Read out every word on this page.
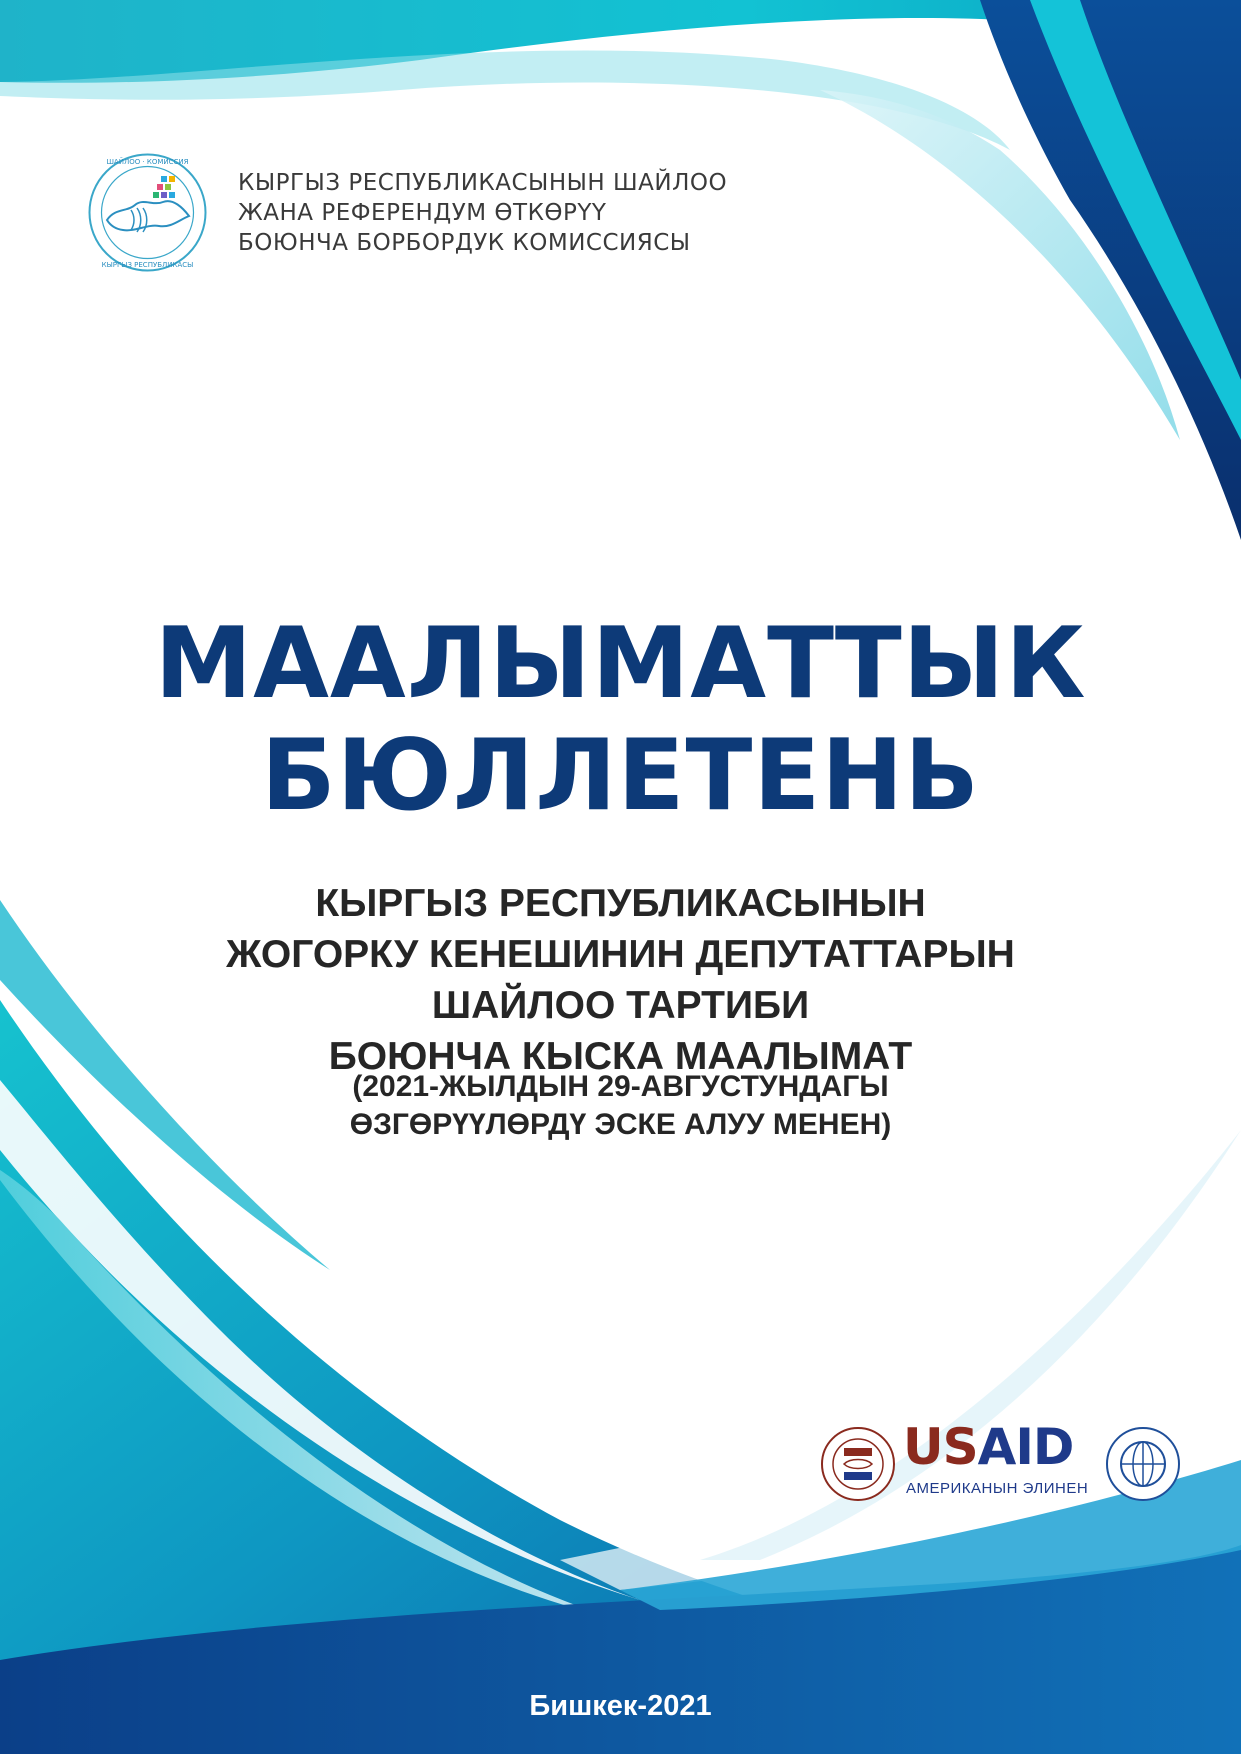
ШАЙЛОО · КОМИССИЯ
КЫРГЫЗ РЕСПУБЛИКАСЫ
КЫРГЫЗ РЕСПУБЛИКАСЫНЫН ШАЙЛОО
ЖАНА РЕФЕРЕНДУМ ӨТКӨРҮҮ
БОЮНЧА БОРБОРДУК КОМИССИЯСЫ
МААЛЫМАТТЫК
БЮЛЛЕТЕНЬ
КЫРГЫЗ РЕСПУБЛИКАСЫНЫН
ЖОГОРКУ КЕНЕШИНИН ДЕПУТАТТАРЫН
ШАЙЛОО ТАРТИБИ
БОЮНЧА КЫСКА МААЛЫМАТ
(2021-ЖЫЛДЫН 29-АВГУСТУНДАГЫ
ӨЗГӨРҮҮЛӨРДҮ ЭСКЕ АЛУУ МЕНЕН)
USAID
АМЕРИКАНЫН ЭЛИНЕН
Бишкек-2021
